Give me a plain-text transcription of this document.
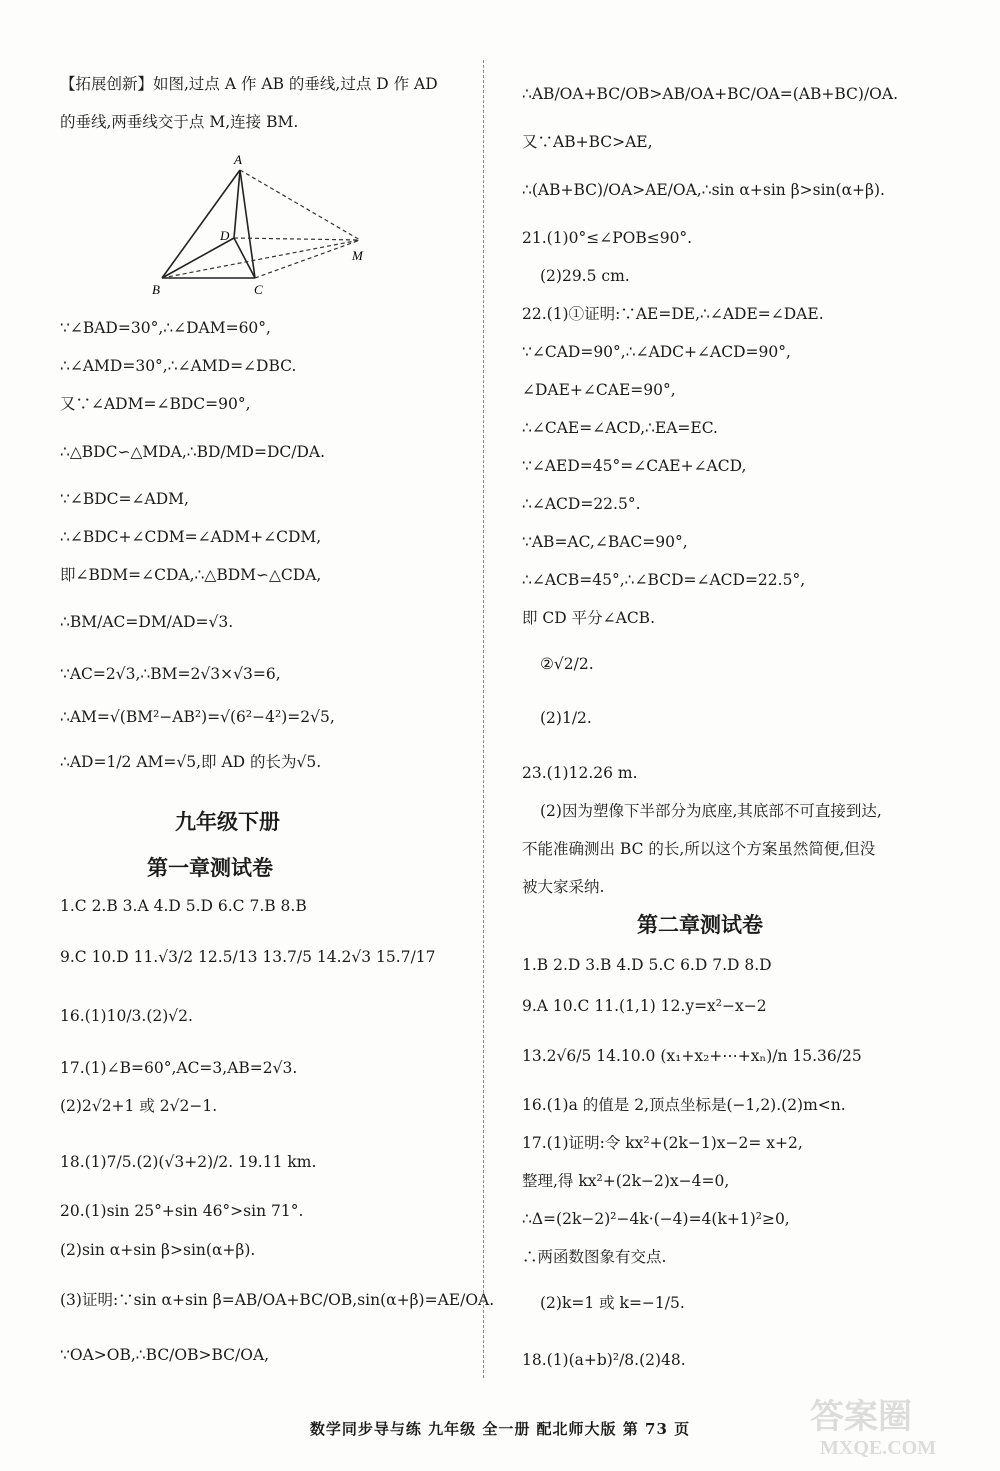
【拓展创新】如图,过点 A 作 AB 的垂线,过点 D 作 AD
的垂线,两垂线交于点 M,连接 BM.
∵∠BAD=30°,∴∠DAM=60°,
∴∠AMD=30°,∴∠AMD=∠DBC.
又∵∠ADM=∠BDC=90°,
∴△BDC∽△MDA,∴BD/MD=DC/DA.
∵∠BDC=∠ADM,
∴∠BDC+∠CDM=∠ADM+∠CDM,
即∠BDM=∠CDA,∴△BDM∽△CDA,
∴BM/AC=DM/AD=√3.
∵AC=2√3,∴BM=2√3×√3=6,
∴AM=√(BM²−AB²)=√(6²−4²)=2√5,
∴AD=1/2 AM=√5,即 AD 的长为√5.
1.C 2.B 3.A 4.D 5.D 6.C 7.B 8.B
9.C 10.D 11.√3/2 12.5/13 13.7/5 14.2√3 15.7/17
16.(1)10/3.(2)√2.
17.(1)∠B=60°,AC=3,AB=2√3.
(2)2√2+1 或 2√2−1.
18.(1)7/5.(2)(√3+2)/2. 19.11 km.
20.(1)sin 25°+sin 46°>sin 71°.
(2)sin α+sin β>sin(α+β).
(3)证明:∵sin α+sin β=AB/OA+BC/OB,sin(α+β)=AE/OA.
∵OA>OB,∴BC/OB>BC/OA,
∴AB/OA+BC/OB>AB/OA+BC/OA=(AB+BC)/OA.
又∵AB+BC>AE,
∴(AB+BC)/OA>AE/OA,∴sin α+sin β>sin(α+β).
21.(1)0°≤∠POB≤90°.
(2)29.5 cm.
22.(1)①证明:∵AE=DE,∴∠ADE=∠DAE.
∵∠CAD=90°,∴∠ADC+∠ACD=90°,
∠DAE+∠CAE=90°,
∴∠CAE=∠ACD,∴EA=EC.
∵∠AED=45°=∠CAE+∠ACD,
∴∠ACD=22.5°.
∵AB=AC,∠BAC=90°,
∴∠ACB=45°,∴∠BCD=∠ACD=22.5°,
即 CD 平分∠ACB.
②√2/2.
(2)1/2.
23.(1)12.26 m.
(2)因为塑像下半部分为底座,其底部不可直接到达,
不能准确测出 BC 的长,所以这个方案虽然简便,但没
被大家采纳.
1.B 2.D 3.B 4.D 5.C 6.D 7.D 8.D
9.A 10.C 11.(1,1) 12.y=x²−x−2
13.2√6/5 14.10.0 (x₁+x₂+⋯+xₙ)/n 15.36/25
16.(1)a 的值是 2,顶点坐标是(−1,2).(2)m<n.
17.(1)证明:令 kx²+(2k−1)x−2= x+2,
整理,得 kx²+(2k−2)x−4=0,
∴Δ=(2k−2)²−4k·(−4)=4(k+1)²≥0,
∴两函数图象有交点.
(2)k=1 或 k=−1/5.
18.(1)(a+b)²/8.(2)48.
A
D
B	C
M
九年级下册
第一章测试卷
第二章测试卷
数学同步导与练 九年级 全一册 配北师大版 第 73 页	答案圈
MXQE.COM
